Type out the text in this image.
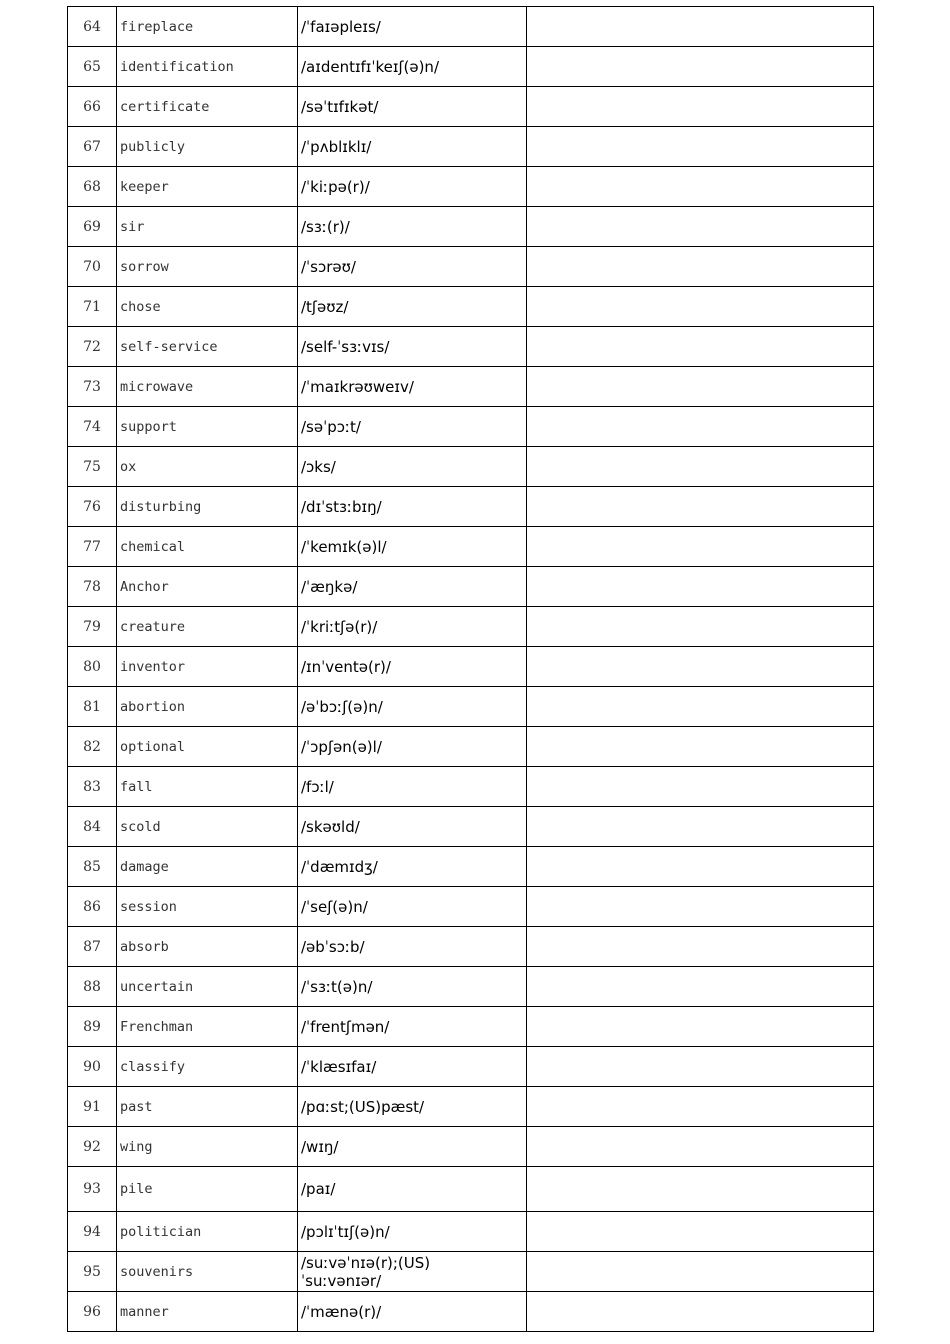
64	fireplace	/ˈfaɪəpleɪs/	
65	identification	/aɪdentɪfɪˈkeɪʃ(ə)n/	
66	certificate	/səˈtɪfɪkət/	
67	publicly	/ˈpʌblɪklɪ/	
68	keeper	/ˈkiːpə(r)/	
69	sir	/sɜː(r)/	
70	sorrow	/ˈsɔrəʊ/	
71	chose	/tʃəʊz/	
72	self-service	/self-ˈsɜːvɪs/	
73	microwave	/ˈmaɪkrəʊweɪv/	
74	support	/səˈpɔːt/	
75	ox	/ɔks/	
76	disturbing	/dɪˈstɜːbɪŋ/	
77	chemical	/ˈkemɪk(ə)l/	
78	Anchor	/ˈæŋkə/	
79	creature	/ˈkriːtʃə(r)/	
80	inventor	/ɪnˈventə(r)/	
81	abortion	/əˈbɔːʃ(ə)n/	
82	optional	/ˈɔpʃən(ə)l/	
83	fall	/fɔːl/	
84	scold	/skəʊld/	
85	damage	/ˈdæmɪdʒ/	
86	session	/ˈseʃ(ə)n/	
87	absorb	/əbˈsɔːb/	
88	uncertain	/ˈsɜːt(ə)n/	
89	Frenchman	/ˈfrentʃmən/	
90	classify	/ˈklæsɪfaɪ/	
91	past	/pɑːst;(US)pæst/	
92	wing	/wɪŋ/	
93	pile	/paɪ/	
94	politician	/pɔlɪˈtɪʃ(ə)n/	
95	souvenirs	/suːvəˈnɪə(r);(US)
ˈsuːvənɪər/	
96	manner	/ˈmænə(r)/	
